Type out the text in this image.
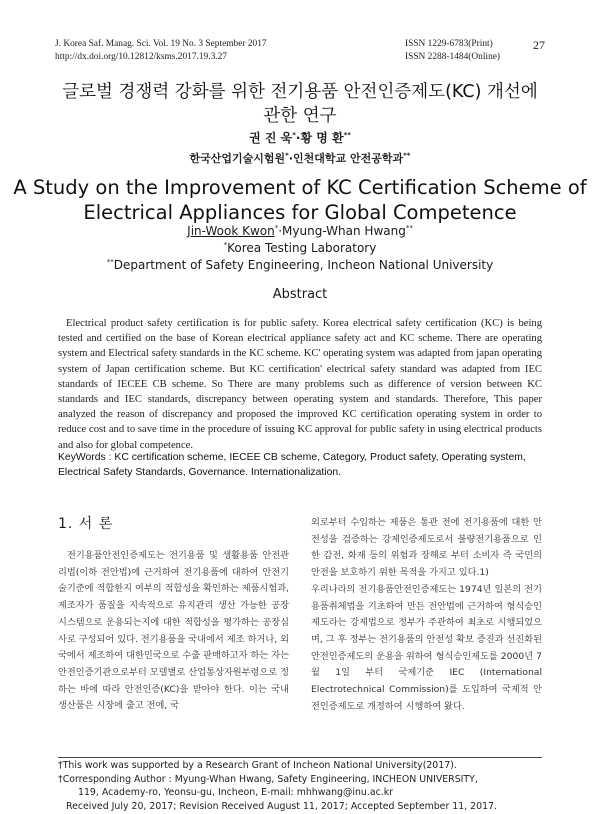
J. Korea Saf. Manag. Sci. Vol. 19 No. 3 September 2017
http://dx.doi.org/10.12812/ksms.2017.19.3.27
ISSN 1229-6783(Print)
ISSN 2288-1484(Online)
27
글로벌 경쟁력 강화를 위한 전기용품 안전인증제도(KC) 개선에
관한 연구
권 진 욱*·황 명 환**
한국산업기술시험원*·인천대학교 안전공학과**
A Study on the Improvement of KC Certification Scheme of
Electrical Appliances for Global Competence
Jin-Wook Kwon*·Myung-Whan Hwang**
*Korea Testing Laboratory
**Department of Safety Engineering, Incheon National University
Abstract

Electrical product safety certification is for public safety. Korea electrical safety certification (KC) is being tested and certified on the base of Korean electrical appliance safety act and KC scheme. There are operating system and Electrical safety standards in the KC scheme. KC' operating system was adapted from japan operating system of Japan certification scheme. But KC certification' electrical safety standard was adapted from IEC standards of IECEE CB scheme. So There are many problems such as difference of version between KC standards and IEC standards, discrepancy between operating system and standards. Therefore, This paper analyzed the reason of discrepancy and proposed the improved KC certification operating system in order to reduce cost and to save time in the procedure of issuing KC approval for public safety in using electrical products and also for global competence.

KeyWords : KC certification scheme, IECEE CB scheme, Category, Product safety, Operating system, Electrical Safety Standards, Governance. Internationalization.
1. 서 론

전기용품안전인증제도는 전기용품 및 생활용품 안전관리법(이하 전안법)에 근거하여 전기용품에 대하여 안전기술기준에 적합한지 여부의 적합성을 확인하는 제품시험과, 제조자가 품질을 지속적으로 유지관리 생산 가능한 공장 시스템으로 운용되는지에 대한 적합성을 평가하는 공장심사로 구성되어 있다. 전기용품을 국내에서 제조 하거나, 외국에서 제조하여 대한민국으로 수출 판매하고자 하는 자는 안전인증기관으로부터 모델별로 산업통상자원부령으로 정하는 바에 따라 안전인증(KC)을 받아야 한다. 이는 국내 생산품은 시장에 출고 전에, 국

외로부터 수입하는 제품은 통관 전에 전기용품에 대한 안전성을 검증하는 강제인증제도로서 불량전기용품으로 인한 감전, 화재 등의 위험과 장해로 부터 소비자 즉 국민의 안전을 보호하기 위한 목적을 가지고 있다.1)

우리나라의 전기용품안전인증제도는 1974년 일본의 전기용품취체법을 기초하여 만든 전안법에 근거하여 형식승인제도라는 강제법으로 정부가 주관하여 최초로 시행되었으며, 그 후 정부는 전기용품의 안전성 확보 증진과 선진화된 안전인증제도의 운용을 위하여 형식승인제도를 2000년 7월 1일 부터 국제기준 IEC (International Electrotechnical Commission)를 도입하여 국제적 안전인증제도로 개정하여 시행하여 왔다.

†This work was supported by a Research Grant of Incheon National University(2017).
†Corresponding Author : Myung-Whan Hwang, Safety Engineering, INCHEON UNIVERSITY,
119, Academy-ro, Yeonsu-gu, Incheon, E-mail: mhhwang@inu.ac.kr
Received July 20, 2017; Revision Received August 11, 2017; Accepted September 11, 2017.
